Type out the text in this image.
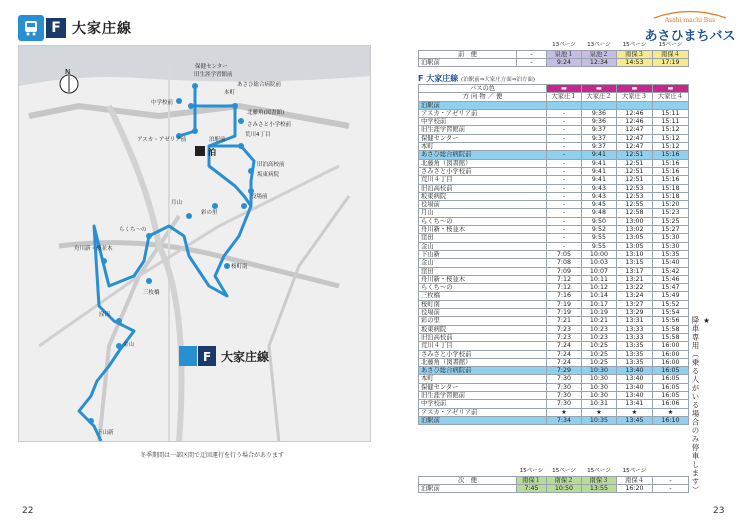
F 大家庄線
Asahi machi Bus
あさひまちバス
あさひ総合病院前
中学校前
旧生涯学習館前
保健センター
本町
北藤角(図書館)
さみさと小学校前
荒川4丁目
アスカ・アゼリア前	泊駅前
旧泊高校前
坂東病院
役場前
月山
彩の里
らくち〜の
舟川新・桜並木
桜町南
三枚橋
窪田
金山
下山新
N
泊
F 大家庄線
冬季期間は一部区間で迂回運行を行う場合があります
22	23
		13ページ	13ページ	15ページ	15ページ
前　便	-	泉池１	泉池２	南保３	南保４
泊駅前	-	9:24	12:34	14:53	17:19
F 大家庄線 (泊駅前⇒大家庄方面⇒泊方面)
バスの色	▬	▬	▬	▬	
方 向 物 ／ 便	大家庄１	大家庄２	大家庄３	大家庄４	
泊駅前					
アスカ・アゼリア前	-	9:36	12:46	15:11	
中学校前	-	9:36	12:46	15:11	
旧生涯学習館前	-	9:37	12:47	15:12	
保健センター	-	9:37	12:47	15:12	
本町	-	9:37	12:47	15:12	
あさひ総合病院前	-	9:41	12:51	15:16	
北藤角（図書館）	-	9:41	12:51	15:16	
さみさと小学校前	-	9:41	12:51	15:16	
荒川４丁目	-	9:41	12:51	15:16	
旧泊高校前	-	9:43	12:53	15:18	
坂東病院	-	9:43	12:53	15:18	
役場前	-	9:45	12:55	15:20	
月山	-	9:48	12:58	15:23	
らくち〜の	-	9:50	13:00	15:25	
舟川新・桜並木	-	9:52	13:02	15:27	
窪田	-	9:55	13:05	15:30	
金山	-	9:55	13:05	15:30	
下山新	7:05	10:00	13:10	15:35	
金山	7:08	10:03	13:15	15:40	
窪田	7:09	10:07	13:17	15:42	
舟川新・桜並木	7:12	10:11	13:21	15:46	
らくち〜の	7:12	10:12	13:22	15:47	
三枚橋	7:16	10:14	13:24	15:49	
桜町南	7:19	10:17	13:27	15:52	
役場前	7:19	10:19	13:29	15:54	
彩の里	7:21	10:21	13:31	15:56	
坂東病院	7:23	10:23	13:33	15:58	
旧泊高校前	7:23	10:23	13:33	15:58	
荒川４丁目	7:24	10:25	13:35	16:00	
さみさと小学校前	7:24	10:25	13:35	16:00	
北藤角（図書館）	7:24	10:25	13:35	16:00	
あさひ総合病院前	7:29	10:30	13:40	16:05	
本町	7:30	10:30	13:40	16:05	
保健センター	7:30	10:30	13:40	16:05	
旧生涯学習館前	7:30	10:30	13:40	16:05	
中学校前	7:30	10:31	13:41	16:06	
アスカ・アゼリア前	★	★	★	★	
泊駅前	7:34	10:35	13:45	16:10	
	15ページ	15ページ	15ページ	15ページ	
次　便	南保１	南保２	南保３	南保４	-
泊駅前	7:45	10:50	13:55	16:20	-
★
降車専用（乗る人がいる場合のみ停車します）
